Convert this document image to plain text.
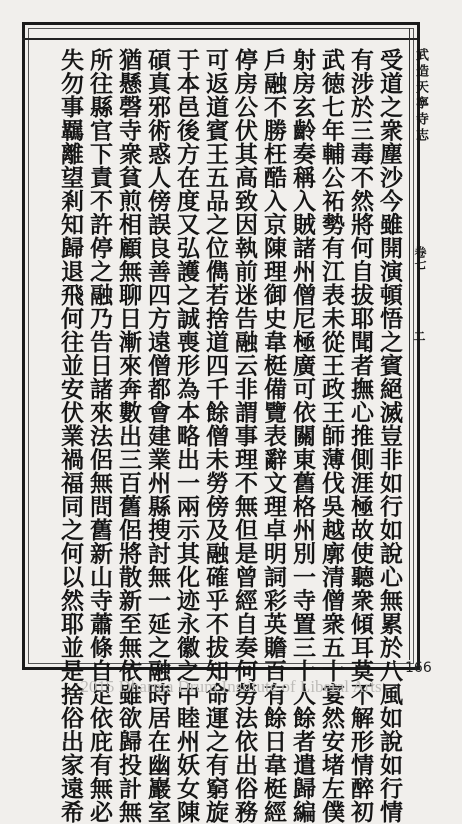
武造天寧寺志
卷七
二
受道之衆塵沙今雖開演頓悟之賓絕滅豈非如行如說心無累於八風如說如行情
有涉於三毒不然將何自拔耶聞者撫心推側涯極故使聽衆傾耳莫不解形情醉初
武徳七年輔公祏勢有江表未從王政王師薄伐吳越廓清僧衆五十宴然安堵左僕
射房玄齡奏稱入賊諸州僧尼極廣可依關東舊格州別一寺置三十人餘者遣歸編
戶融不勝枉酷入京陳理御史韋梃備覽表辭文理卓明詞彩英贍百有餘日韋梃經
停房公伏其高致因執前迷告融云非謂事理不無但是曾經自奏何勞法依出俗務
可返道賓王五品之位儁若捨道四千餘僧未勞傍及融確乎不拔知命運之有窮旋
于本邑後方在度又弘護之誠喪形為本略出一兩示其化迹永徽之中睦州妖女陳
碩真邪術惑人傍誤良善四方遠僧都會建業州縣搜討無一延之融時居在幽巖室
猶懸磬寺衆貧煎相顧無聊日漸來奔數出三百舊侶將散新至無依雖欲歸投計無
所往縣官下責不許停之融乃告日諸來法侶無問舊新山寺蕭條自足依庇有無必
失勿事羈離望剎知歸退飛何往並安伏業禍福同之何以然耶並是捨俗出家遠希	166
2015 Dharma Drum Institute of Liberal Arts
